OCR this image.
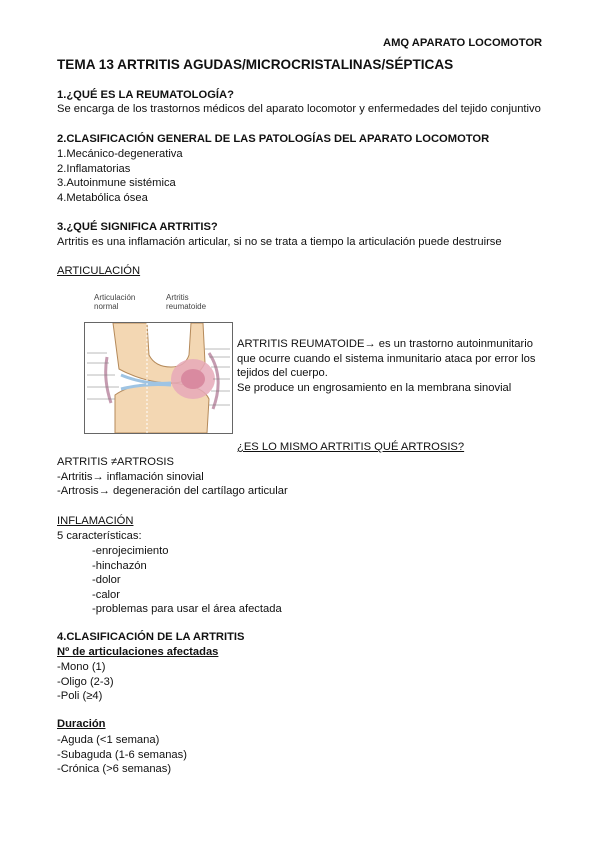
AMQ APARATO LOCOMOTOR
TEMA 13 ARTRITIS AGUDAS/MICROCRISTALINAS/SÉPTICAS
1.¿QUÉ ES LA REUMATOLOGÍA?
Se encarga de los trastornos médicos del aparato locomotor y enfermedades del tejido conjuntivo
2.CLASIFICACIÓN GENERAL DE LAS PATOLOGÍAS DEL APARATO LOCOMOTOR
1.Mecánico-degenerativa
2.Inflamatorias
3.Autoinmune sistémica
4.Metabólica ósea
3.¿QUÉ SIGNIFICA ARTRITIS?
Artritis es una inflamación articular, si no se trata a tiempo la articulación puede destruirse
ARTICULACIÓN
Articulación
normal
Artritis
reumatoide
ARTRITIS REUMATOIDE→ es un trastorno autoinmunitario
que ocurre cuando el sistema inmunitario ataca por error los
tejidos del cuerpo.
Se produce un engrosamiento en la membrana sinovial
¿ES LO MISMO ARTRITIS QUÉ ARTROSIS?
ARTRITIS ≠ARTROSIS
-Artritis→ inflamación sinovial
-Artrosis→ degeneración del cartílago articular
INFLAMACIÓN
5 características:
-enrojecimiento
-hinchazón
-dolor
-calor
-problemas para usar el área afectada
4.CLASIFICACIÓN DE LA ARTRITIS
Nº de articulaciones afectadas
-Mono (1)
-Oligo (2-3)
-Poli (≥4)
Duración
-Aguda (<1 semana)
-Subaguda (1-6 semanas)
-Crónica (>6 semanas)
